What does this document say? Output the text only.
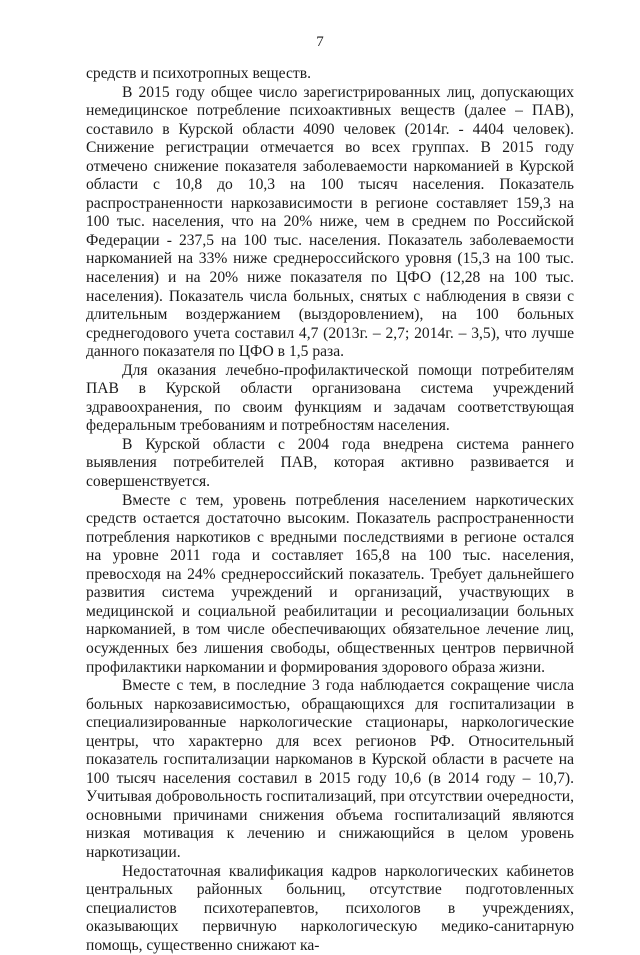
7

средств и психотропных веществ.

В 2015 году общее число зарегистрированных лиц, допускающих немедицинское потребление психоактивных веществ (далее – ПАВ), составило в Курской области 4090 человек (2014г. - 4404 человек). Снижение регистрации отмечается во всех группах. В 2015 году отмечено снижение показателя заболеваемости наркоманией в Курской области с 10,8 до 10,3 на 100 тысяч населения. Показатель распространенности наркозависимости в регионе составляет 159,3 на 100 тыс. населения, что на 20% ниже, чем в среднем по Российской Федерации - 237,5 на 100 тыс. населения. Показатель заболеваемости наркоманией на 33% ниже среднероссийского уровня (15,3 на 100 тыс. населения) и на 20% ниже показателя по ЦФО (12,28 на 100 тыс. населения). Показатель числа больных, снятых с наблюдения в связи с длительным воздержанием (выздоровлением), на 100 больных среднегодового учета составил 4,7 (2013г. – 2,7; 2014г. – 3,5), что лучше данного показателя по ЦФО в 1,5 раза.

Для оказания лечебно-профилактической помощи потребителям ПАВ в Курской области организована система учреждений здравоохранения, по своим функциям и задачам соответствующая федеральным требованиям и потребностям населения.

В Курской области с 2004 года внедрена система раннего выявления потребителей ПАВ, которая активно развивается и совершенствуется.

Вместе с тем, уровень потребления населением наркотических средств остается достаточно высоким. Показатель распространенности потребления наркотиков с вредными последствиями в регионе остался на уровне 2011 года и составляет 165,8 на 100 тыс. населения, превосходя на 24% среднероссийский показатель. Требует дальнейшего развития система учреждений и организаций, участвующих в медицинской и социальной реабилитации и ресоциализации больных наркоманией, в том числе обеспечивающих обязательное лечение лиц, осужденных без лишения свободы, общественных центров первичной профилактики наркомании и формирования здорового образа жизни.

Вместе с тем, в последние 3 года наблюдается сокращение числа больных наркозависимостью, обращающихся для госпитализации в специализированные наркологические стационары, наркологические центры, что характерно для всех регионов РФ. Относительный показатель госпитализации наркоманов в Курской области в расчете на 100 тысяч населения составил в 2015 году 10,6 (в 2014 году – 10,7). Учитывая добровольность госпитализаций, при отсутствии очередности, основными причинами снижения объема госпитализаций являются низкая мотивация к лечению и снижающийся в целом уровень наркотизации.

Недостаточная квалификация кадров наркологических кабинетов центральных районных больниц, отсутствие подготовленных специалистов психотерапевтов, психологов в учреждениях, оказывающих первичную наркологическую медико-санитарную помощь, существенно снижают ка-
